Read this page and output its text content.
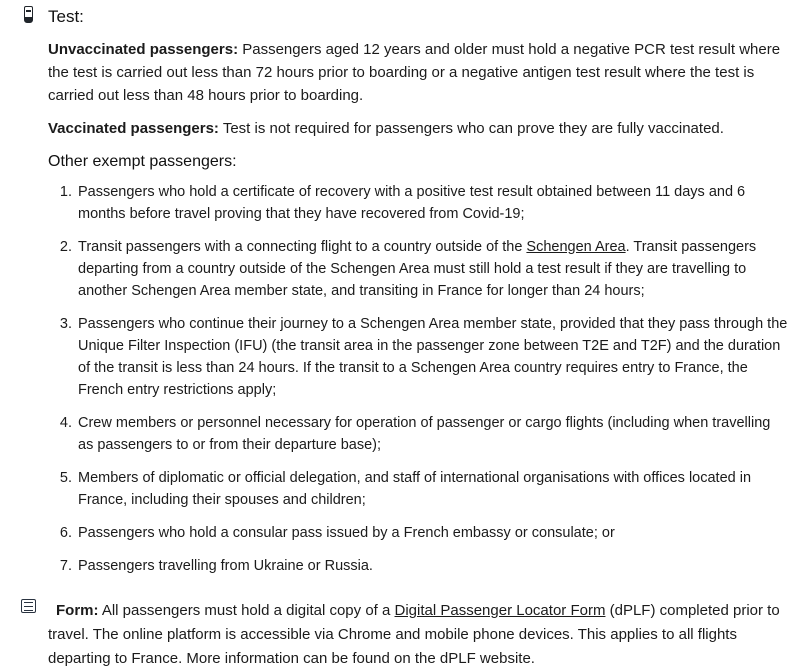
Test:

Unvaccinated passengers: Passengers aged 12 years and older must hold a negative PCR test result where the test is carried out less than 72 hours prior to boarding or a negative antigen test result where the test is carried out less than 48 hours prior to boarding.

Vaccinated passengers: Test is not required for passengers who can prove they are fully vaccinated.

Other exempt passengers:
Passengers who hold a certificate of recovery with a positive test result obtained between 11 days and 6 months before travel proving that they have recovered from Covid-19;
Transit passengers with a connecting flight to a country outside of the Schengen Area. Transit passengers departing from a country outside of the Schengen Area must still hold a test result if they are travelling to another Schengen Area member state, and transiting in France for longer than 24 hours;
Passengers who continue their journey to a Schengen Area member state, provided that they pass through the Unique Filter Inspection (IFU) (the transit area in the passenger zone between T2E and T2F) and the duration of the transit is less than 24 hours. If the transit to a Schengen Area country requires entry to France, the French entry restrictions apply;
Crew members or personnel necessary for operation of passenger or cargo flights (including when travelling as passengers to or from their departure base);
Members of diplomatic or official delegation, and staff of international organisations with offices located in France, including their spouses and children;
Passengers who hold a consular pass issued by a French embassy or consulate; or
Passengers travelling from Ukraine or Russia.

Form: All passengers must hold a digital copy of a Digital Passenger Locator Form (dPLF) completed prior to travel. The online platform is accessible via Chrome and mobile phone devices. This applies to all flights departing to France. More information can be found on the dPLF website.
